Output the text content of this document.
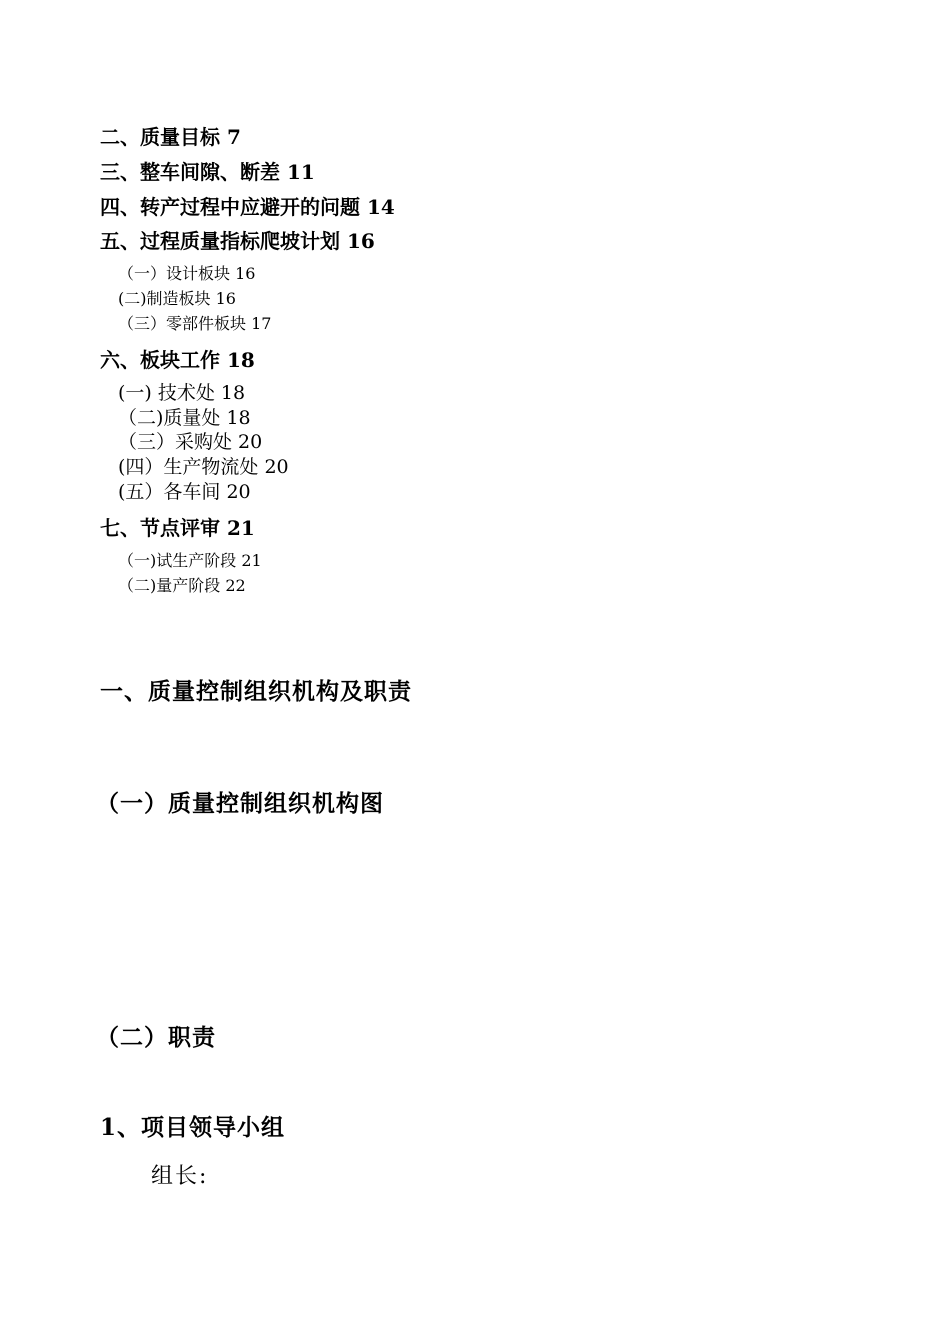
二、质量目标 7
三、整车间隙、断差 11
四、转产过程中应避开的问题 14
五、过程质量指标爬坡计划 16
（一）设计板块 16
(二)制造板块 16
（三）零部件板块 17
六、板块工作 18
(一) 技术处 18
（二)质量处 18
（三）采购处 20
(四）生产物流处 20
(五）各车间 20
七、节点评审 21
（一)试生产阶段 21
（二)量产阶段 22
一、质量控制组织机构及职责
（一）质量控制组织机构图
（二）职责
1、项目领导小组
组长:
